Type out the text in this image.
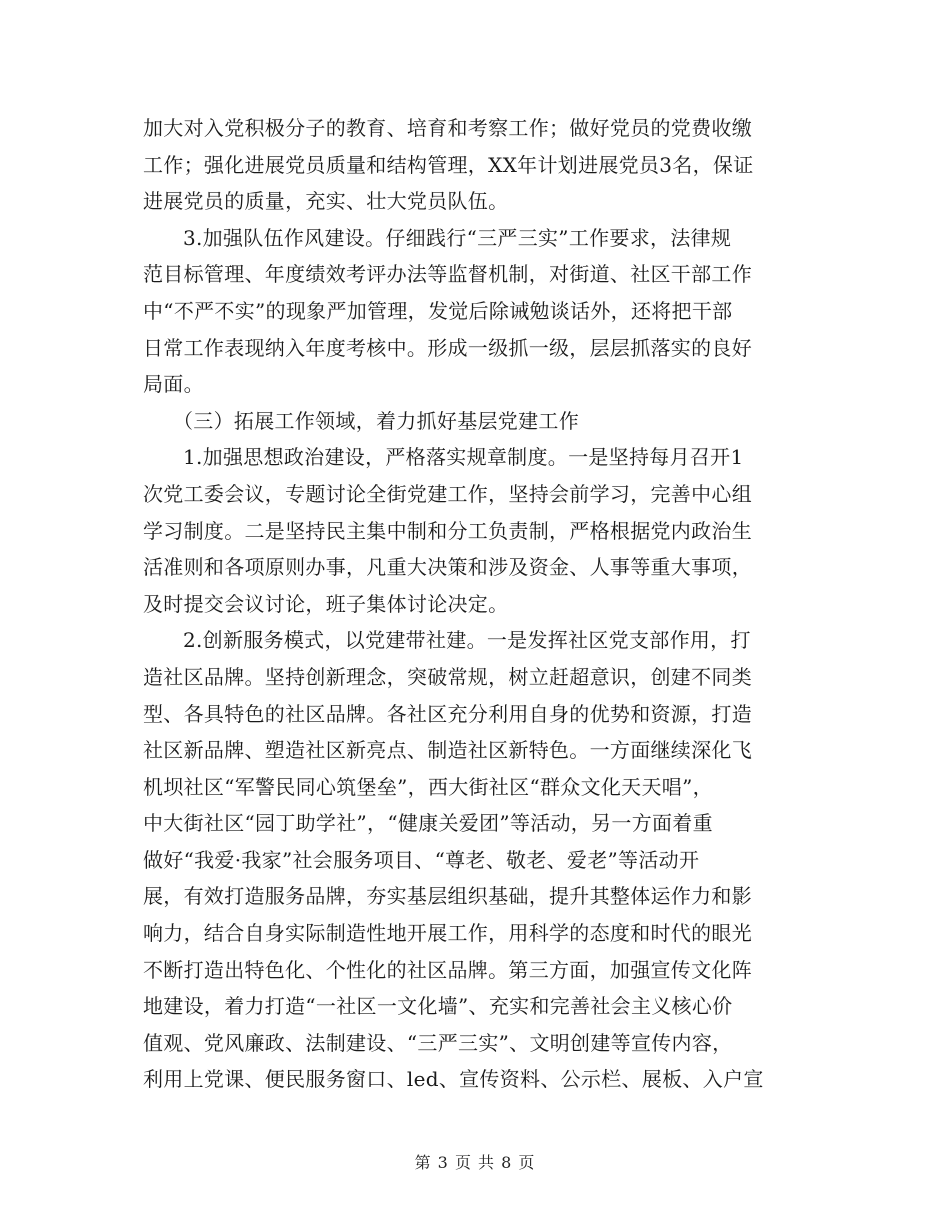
加大对入党积极分子的教育、培育和考察工作；做好党员的党费收缴
工作；强化进展党员质量和结构管理，XX年计划进展党员3名，保证
进展党员的质量，充实、壮大党员队伍。
3.加强队伍作风建设。仔细践行“三严三实”工作要求，法律规
范目标管理、年度绩效考评办法等监督机制，对街道、社区干部工作
中“不严不实”的现象严加管理，发觉后除诫勉谈话外，还将把干部
日常工作表现纳入年度考核中。形成一级抓一级，层层抓落实的良好
局面。
（三）拓展工作领域，着力抓好基层党建工作
1.加强思想政治建设，严格落实规章制度。一是坚持每月召开1
次党工委会议，专题讨论全街党建工作，坚持会前学习，完善中心组
学习制度。二是坚持民主集中制和分工负责制，严格根据党内政治生
活准则和各项原则办事，凡重大决策和涉及资金、人事等重大事项，
及时提交会议讨论，班子集体讨论决定。
2.创新服务模式，以党建带社建。一是发挥社区党支部作用，打
造社区品牌。坚持创新理念，突破常规，树立赶超意识，创建不同类
型、各具特色的社区品牌。各社区充分利用自身的优势和资源，打造
社区新品牌、塑造社区新亮点、制造社区新特色。一方面继续深化飞
机坝社区“军警民同心筑堡垒”，西大街社区“群众文化天天唱”，
中大街社区“园丁助学社”，“健康关爱团”等活动，另一方面着重
做好“我爱·我家”社会服务项目、“尊老、敬老、爱老”等活动开
展，有效打造服务品牌，夯实基层组织基础，提升其整体运作力和影
响力，结合自身实际制造性地开展工作，用科学的态度和时代的眼光
不断打造出特色化、个性化的社区品牌。第三方面，加强宣传文化阵
地建设，着力打造“一社区一文化墙”、充实和完善社会主义核心价
值观、党风廉政、法制建设、“三严三实”、文明创建等宣传内容，
利用上党课、便民服务窗口、led、宣传资料、公示栏、展板、入户宣
第 3 页 共 8 页
